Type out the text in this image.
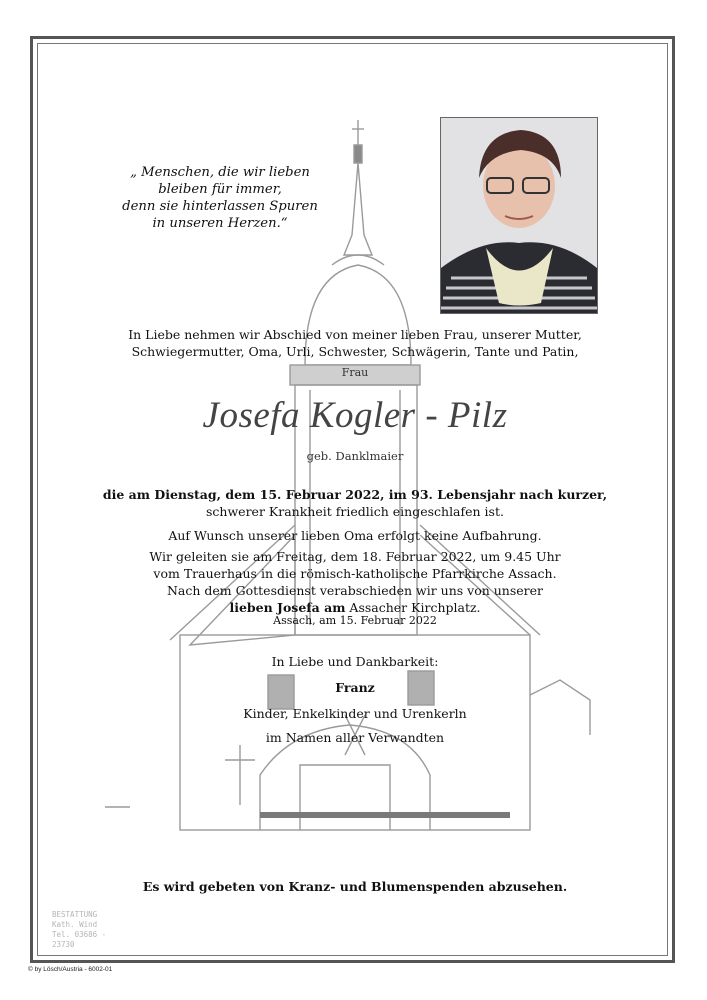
„ Menschen, die wir lieben
bleiben für immer,
denn sie hinterlassen Spuren
in unseren Herzen.“
In Liebe nehmen wir Abschied von meiner lieben Frau, unserer Mutter,
Schwiegermutter, Oma, Urli, Schwester, Schwägerin, Tante und Patin,
Frau
Josefa Kogler - Pilz
geb. Danklmaier
die am Dienstag, dem 15. Februar 2022, im 93. Lebensjahr nach kurzer,
schwerer Krankheit friedlich eingeschlafen ist.
Auf Wunsch unserer lieben Oma erfolgt keine Aufbahrung.
Wir geleiten sie am Freitag, dem 18. Februar 2022, um 9.45 Uhr
vom Trauerhaus in die römisch-katholische Pfarrkirche Assach.
Nach dem Gottesdienst verabschieden wir uns von unserer
lieben Josefa am Assacher Kirchplatz.
Assach, am 15. Februar 2022
In Liebe und Dankbarkeit:
Franz
Kinder, Enkelkinder und Urenkerln
im Namen aller Verwandten
Es wird gebeten von Kranz- und Blumenspenden abzusehen.
BESTATTUNG
Kath. Wind
Tel. 03686 - 23730
© by Lösch/Austria - 6002-01
